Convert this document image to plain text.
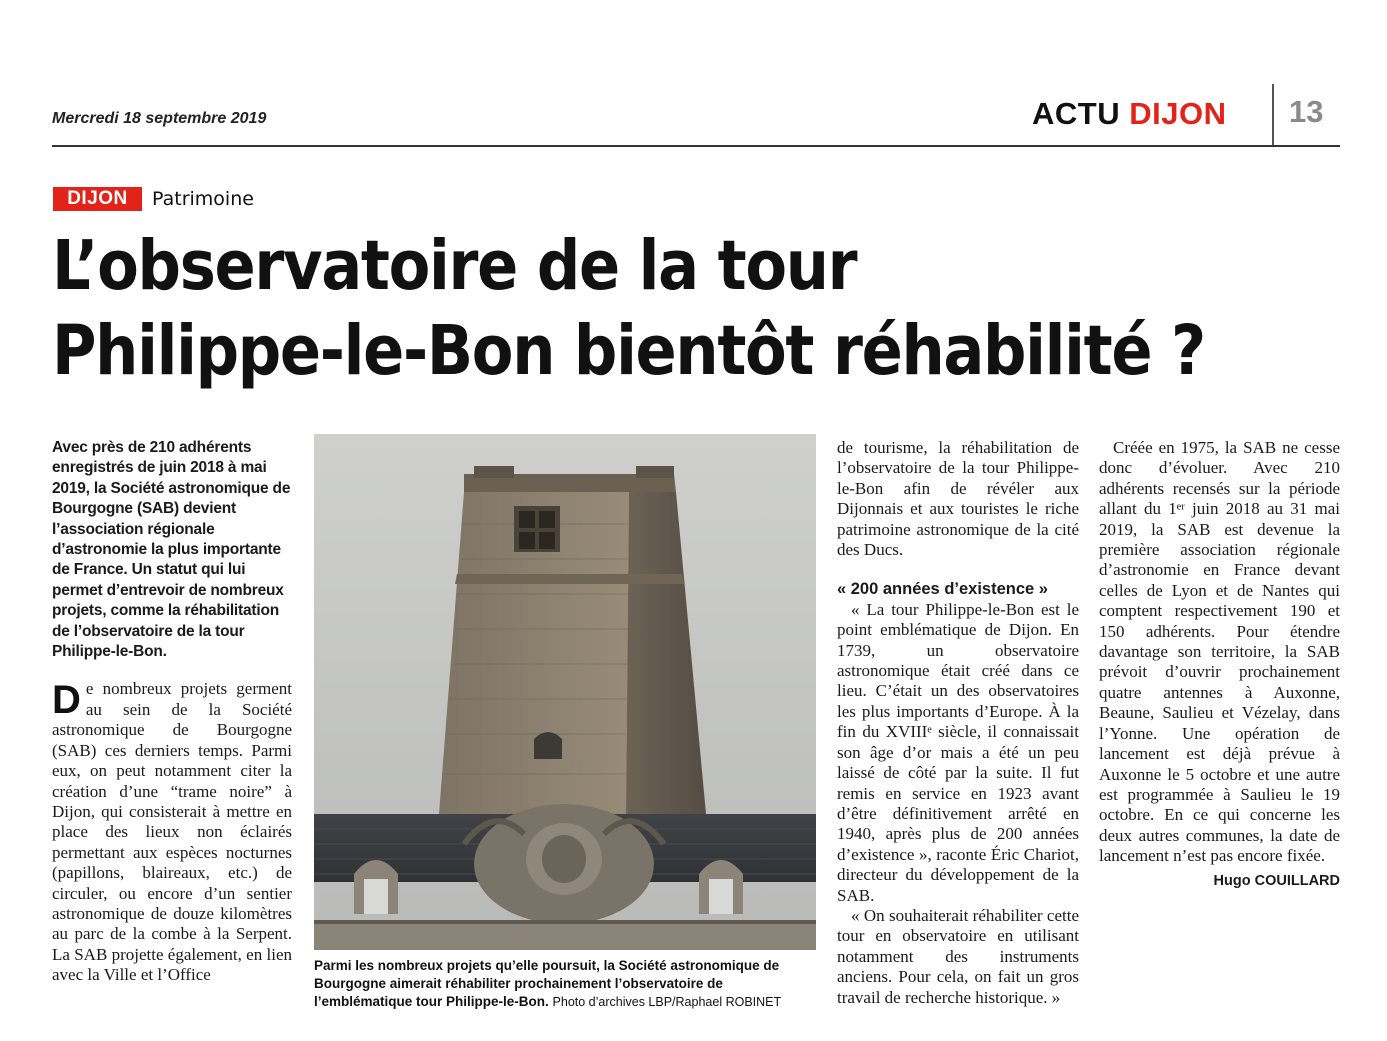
Mercredi 18 septembre 2019	ACTU DIJON 13
DIJON	Patrimoine
L’observatoire de la tour
Philippe-le-Bon bientôt réhabilité ?

Avec près de 210 adhérents enregistrés de juin 2018 à mai 2019, la Société astronomique de Bourgogne (SAB) devient l’association régionale d’astronomie la plus importante de France. Un statut qui lui permet d’entrevoir de nombreux projets, comme la réhabilitation de l’observatoire de la tour Philippe-le-Bon.

De nombreux projets germent au sein de la Société astronomique de Bourgogne (SAB) ces derniers temps. Parmi eux, on peut notamment citer la création d’une “trame noire” à Dijon, qui consisterait à mettre en place des lieux non éclairés permettant aux espèces nocturnes (papillons, blaireaux, etc.) de circuler, ou encore d’un sentier astronomique de douze kilomètres au parc de la combe à la Serpent. La SAB projette également, en lien avec la Ville et l’Office	Parmi les nombreux projets qu’elle poursuit, la Société astronomique de Bourgogne aimerait réhabiliter prochainement l’observatoire de l’emblématique tour Philippe-le-Bon. Photo d’archives LBP/Raphael ROBINET

de tourisme, la réhabilitation de l’observatoire de la tour Philippe-le-Bon afin de révéler aux Dijonnais et aux touristes le riche patrimoine astronomique de la cité des Ducs.

« 200 années d’existence »

« La tour Philippe-le-Bon est le point emblématique de Dijon. En 1739, un observatoire astronomique était créé dans ce lieu. C’était un des observatoires les plus importants d’Europe. À la fin du XVIIIᵉ siècle, il connaissait son âge d’or mais a été un peu laissé de côté par la suite. Il fut remis en service en 1923 avant d’être définitivement arrêté en 1940, après plus de 200 années d’existence », raconte Éric Chariot, directeur du développement de la SAB.

« On souhaiterait réhabiliter cette tour en observatoire en utilisant notamment des instruments anciens. Pour cela, on fait un gros travail de recherche historique. »

Créée en 1975, la SAB ne cesse donc d’évoluer. Avec 210 adhérents recensés sur la période allant du 1ᵉʳ juin 2018 au 31 mai 2019, la SAB est devenue la première association régionale d’astronomie en France devant celles de Lyon et de Nantes qui comptent respectivement 190 et 150 adhérents. Pour étendre davantage son territoire, la SAB prévoit d’ouvrir prochainement quatre antennes à Auxonne, Beaune, Saulieu et Vézelay, dans l’Yonne. Une opération de lancement est déjà prévue à Auxonne le 5 octobre et une autre est programmée à Saulieu le 19 octobre. En ce qui concerne les deux autres communes, la date de lancement n’est pas encore fixée.

Hugo COUILLARD
